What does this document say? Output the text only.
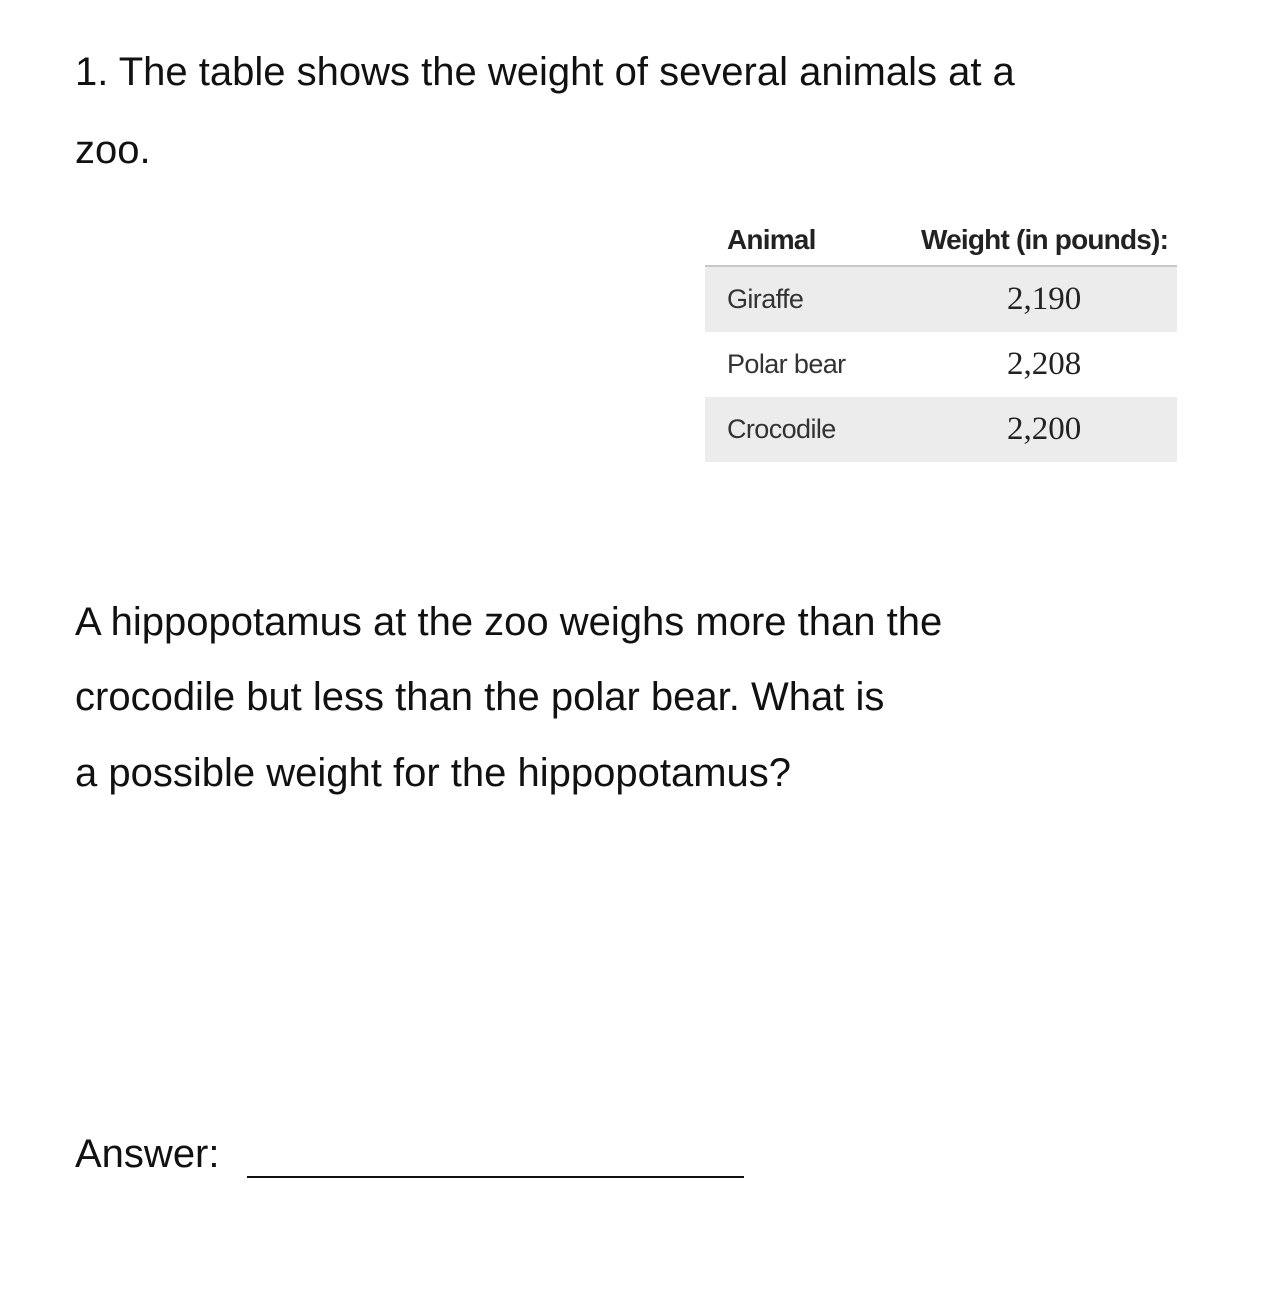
1. The table shows the weight of several animals at a

zoo.

Animal	Weight (in pounds):
Giraffe	2,190
Polar bear	2,208
Crocodile	2,200

A hippopotamus at the zoo weighs more than the

crocodile but less than the polar bear. What is

a possible weight for the hippopotamus?

Answer:
